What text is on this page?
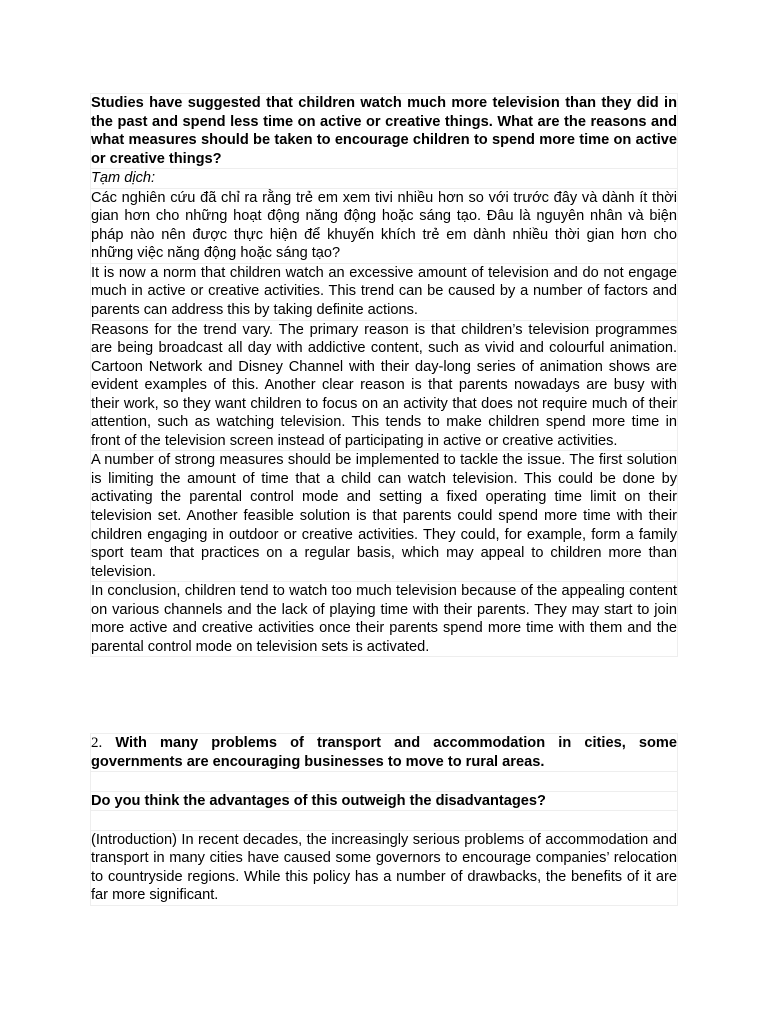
Studies have suggested that children watch much more television than they did in the past and spend less time on active or creative things. What are the reasons and what measures should be taken to encourage children to spend more time on active or creative things?

Tạm dịch:

Các nghiên cứu đã chỉ ra rằng trẻ em xem tivi nhiều hơn so với trước đây và dành ít thời gian hơn cho những hoạt động năng động hoặc sáng tạo. Đâu là nguyên nhân và biện pháp nào nên được thực hiện để khuyến khích trẻ em dành nhiều thời gian hơn cho những việc năng động hoặc sáng tạo?

It is now a norm that children watch an excessive amount of television and do not engage much in active or creative activities. This trend can be caused by a number of factors and parents can address this by taking definite actions.

Reasons for the trend vary. The primary reason is that children’s television programmes are being broadcast all day with addictive content, such as vivid and colourful animation. Cartoon Network and Disney Channel with their day-long series of animation shows are evident examples of this. Another clear reason is that parents nowadays are busy with their work, so they want children to focus on an activity that does not require much of their attention, such as watching television. This tends to make children spend more time in front of the television screen instead of participating in active or creative activities.

A number of strong measures should be implemented to tackle the issue. The first solution is limiting the amount of time that a child can watch television. This could be done by activating the parental control mode and setting a fixed operating time limit on their television set. Another feasible solution is that parents could spend more time with their children engaging in outdoor or creative activities. They could, for example, form a family sport team that practices on a regular basis, which may appeal to children more than television.

In conclusion, children tend to watch too much television because of the appealing content on various channels and the lack of playing time with their parents. They may start to join more active and creative activities once their parents spend more time with them and the parental control mode on television sets is activated.

2. With many problems of transport and accommodation in cities, some governments are encouraging businesses to move to rural areas.

Do you think the advantages of this outweigh the disadvantages?

(Introduction) In recent decades, the increasingly serious problems of accommodation and transport in many cities have caused some governors to encourage companies’ relocation to countryside regions. While this policy has a number of drawbacks, the benefits of it are far more significant.
